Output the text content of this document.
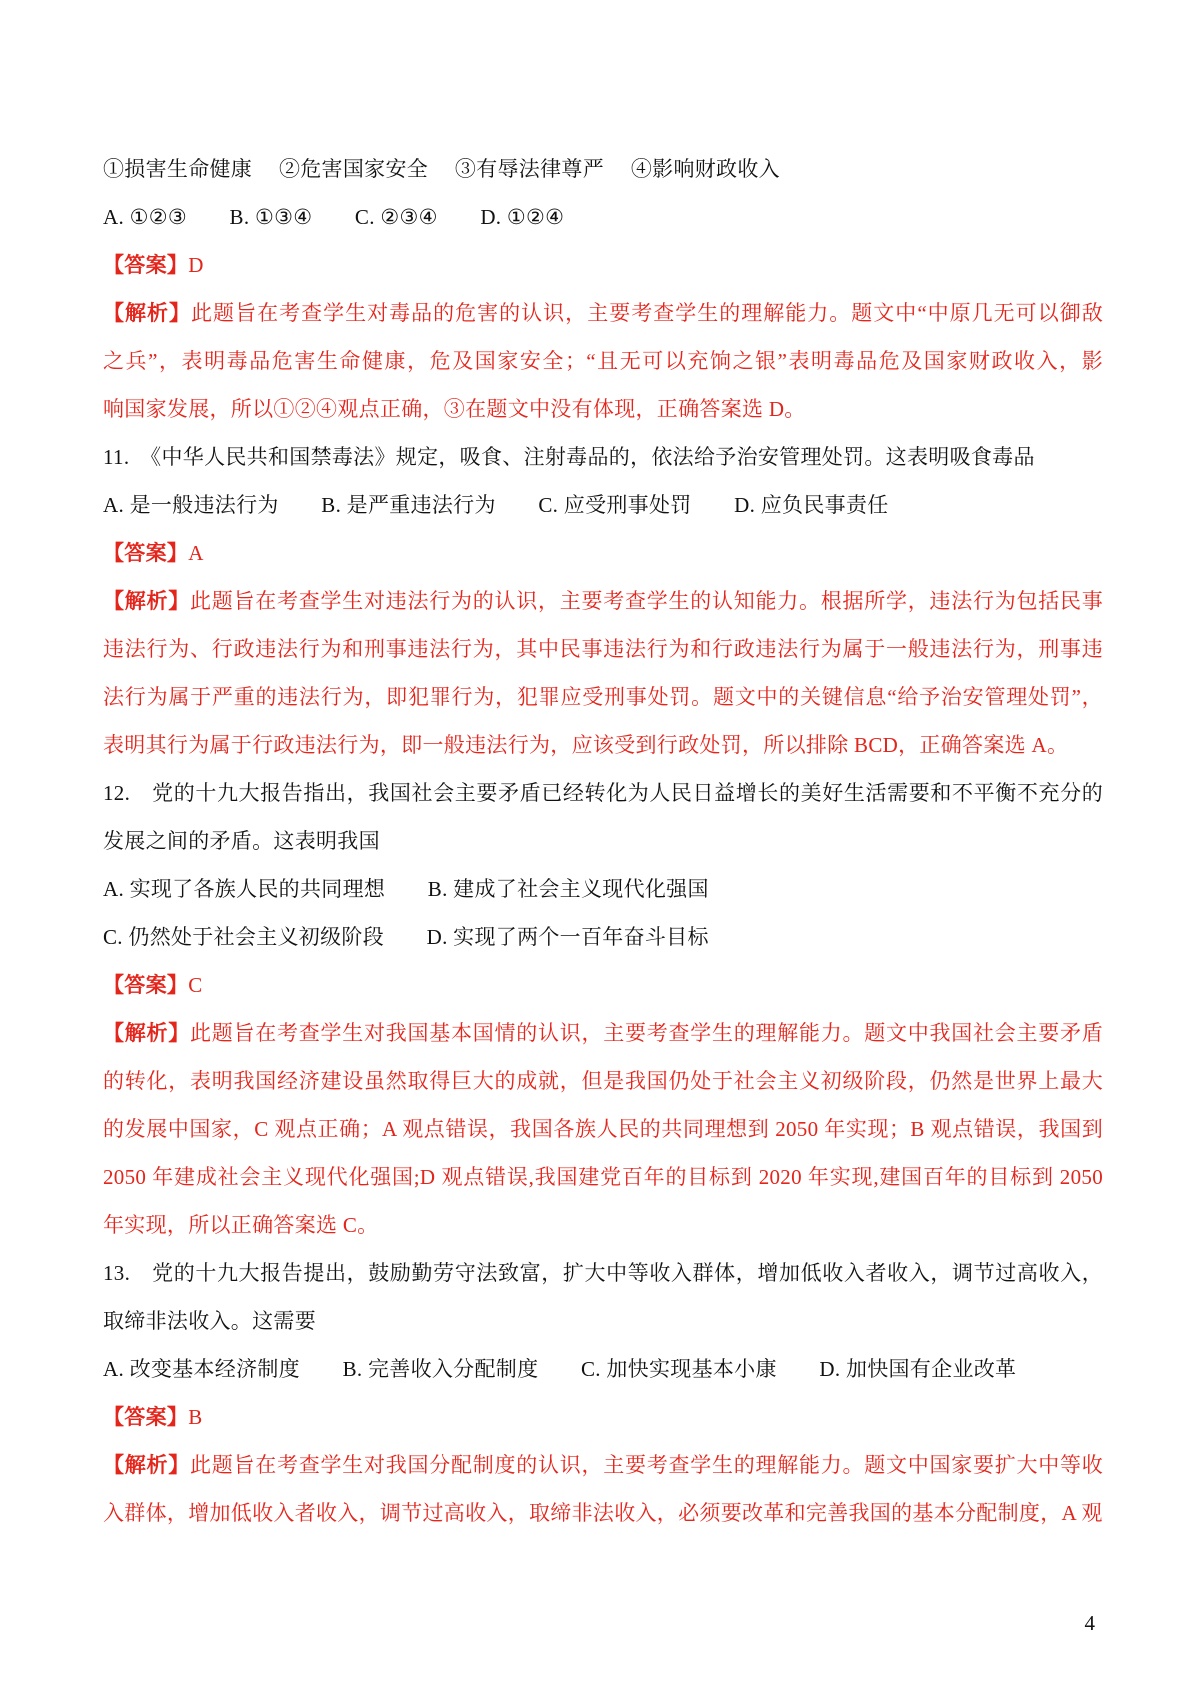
①损害生命健康　 ②危害国家安全　 ③有辱法律尊严　 ④影响财政收入
A. ①②③　　B. ①③④　　C. ②③④　　D. ①②④
【答案】D
【解析】此题旨在考查学生对毒品的危害的认识，主要考查学生的理解能力。题文中“中原几无可以御敌
之兵”，表明毒品危害生命健康，危及国家安全；“且无可以充饷之银”表明毒品危及国家财政收入，影
响国家发展，所以①②④观点正确，③在题文中没有体现，正确答案选 D。
11.　《中华人民共和国禁毒法》规定，吸食、注射毒品的，依法给予治安管理处罚。这表明吸食毒品
A. 是一般违法行为　　B. 是严重违法行为　　C. 应受刑事处罚　　D. 应负民事责任
【答案】A
【解析】此题旨在考查学生对违法行为的认识，主要考查学生的认知能力。根据所学，违法行为包括民事
违法行为、行政违法行为和刑事违法行为，其中民事违法行为和行政违法行为属于一般违法行为，刑事违
法行为属于严重的违法行为，即犯罪行为，犯罪应受刑事处罚。题文中的关键信息“给予治安管理处罚”，
表明其行为属于行政违法行为，即一般违法行为，应该受到行政处罚，所以排除 BCD，正确答案选 A。
12.　党的十九大报告指出，我国社会主要矛盾已经转化为人民日益增长的美好生活需要和不平衡不充分的
发展之间的矛盾。这表明我国
A. 实现了各族人民的共同理想　　B. 建成了社会主义现代化强国
C. 仍然处于社会主义初级阶段　　D. 实现了两个一百年奋斗目标
【答案】C
【解析】此题旨在考查学生对我国基本国情的认识，主要考查学生的理解能力。题文中我国社会主要矛盾
的转化，表明我国经济建设虽然取得巨大的成就，但是我国仍处于社会主义初级阶段，仍然是世界上最大
的发展中国家，C 观点正确；A 观点错误，我国各族人民的共同理想到 2050 年实现；B 观点错误，我国到
2050 年建成社会主义现代化强国;D 观点错误,我国建党百年的目标到 2020 年实现,建国百年的目标到 2050
年实现，所以正确答案选 C。
13.　党的十九大报告提出，鼓励勤劳守法致富，扩大中等收入群体，增加低收入者收入，调节过高收入，
取缔非法收入。这需要
A. 改变基本经济制度　　B. 完善收入分配制度　　C. 加快实现基本小康　　D. 加快国有企业改革
【答案】B
【解析】此题旨在考查学生对我国分配制度的认识，主要考查学生的理解能力。题文中国家要扩大中等收
入群体，增加低收入者收入，调节过高收入，取缔非法收入，必须要改革和完善我国的基本分配制度，A 观
4
